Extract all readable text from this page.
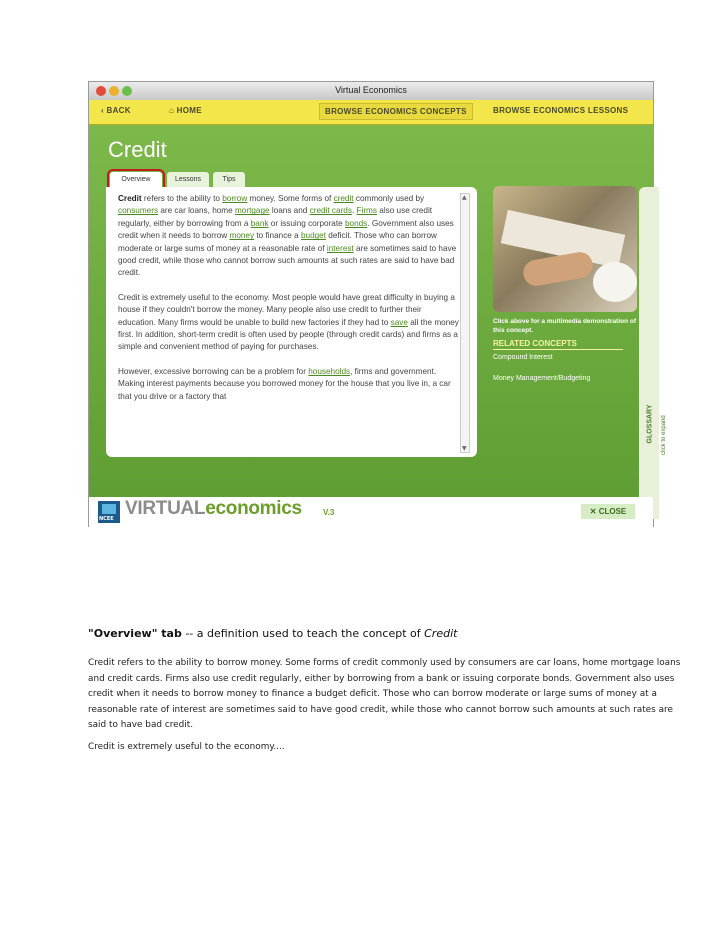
Virtual Economics
‹ BACK	⌂ HOME	BROWSE ECONOMICS CONCEPTS	BROWSE ECONOMICS LESSONS
Credit
Overview	Lessons	Tips

Credit refers to the ability to borrow money. Some forms of credit commonly used by consumers are car loans, home mortgage loans and credit cards. Firms also use credit regularly, either by borrowing from a bank or issuing corporate bonds. Government also uses credit when it needs to borrow money to finance a budget deficit. Those who can borrow moderate or large sums of money at a reasonable rate of interest are sometimes said to have good credit, while those who cannot borrow such amounts at such rates are said to have bad credit.

Credit is extremely useful to the economy. Most people would have great difficulty in buying a house if they couldn't borrow the money. Many people also use credit to further their education. Many firms would be unable to build new factories if they had to save all the money first. In addition, short-term credit is often used by people (through credit cards) and firms as a simple and convenient method of paying for purchases.

However, excessive borrowing can be a problem for households, firms and government. Making interest payments because you borrowed money for the house that you live in, a car that you drive or a factory that

▲
▼
Click above for a multimedia demonstration of this concept.
RELATED CONCEPTS
Compound Interest
Money Management/Budgeting
GLOSSARY click to expand
NCEE VIRTUALeconomics	V.3	✕ CLOSE
"Overview" tab -- a definition used to teach the concept of Credit
Credit refers to the ability to borrow money. Some forms of credit commonly used by consumers are car loans, home mortgage loans and credit cards. Firms also use credit regularly, either by borrowing from a bank or issuing corporate bonds. Government also uses credit when it needs to borrow money to finance a budget deficit. Those who can borrow moderate or large sums of money at a reasonable rate of interest are sometimes said to have good credit, while those who cannot borrow such amounts at such rates are said to have bad credit.
Credit is extremely useful to the economy....
